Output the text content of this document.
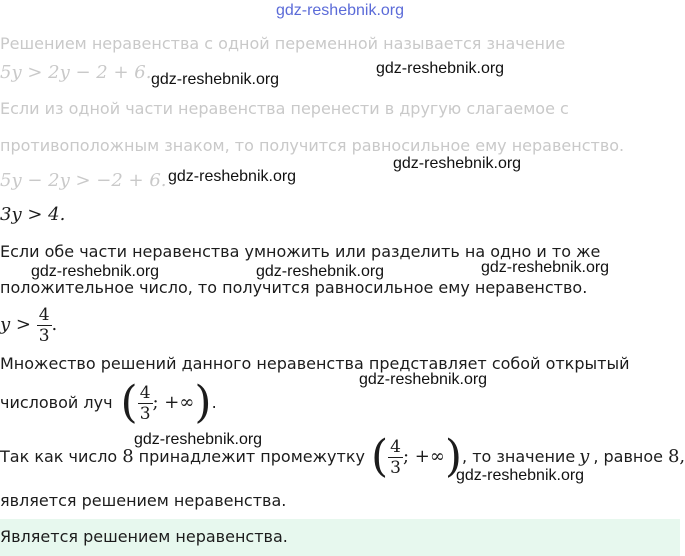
gdz-reshebnik.org
Решением неравенства с одной переменной называется значение
5y > 2y − 2 + 6.
Если из одной части неравенства перенести в другую слагаемое с
противоположным знаком, то получится равносильное ему неравенство.
5y − 2y > −2 + 6.
3y > 4.
Если обе части неравенства умножить или разделить на одно и то же
положительное число, то получится равносильное ему неравенство.
$y > \frac{4}{3}$ .
Множество решений данного неравенства представляет собой открытый
числовой луч ( $\frac{4}{3}$ ; +∞ ) .
Так как число 8 принадлежит промежутку ( $\frac{4}{3}$ ; +∞ ) , то значение y , равное 8,
является решением неравенства.
Является решением неравенства.
gdz-reshebnik.org
gdz-reshebnik.org
gdz-reshebnik.org
gdz-reshebnik.org
gdz-reshebnik.org	gdz-reshebnik.org	gdz-reshebnik.org
gdz-reshebnik.org
gdz-reshebnik.org
gdz-reshebnik.org
